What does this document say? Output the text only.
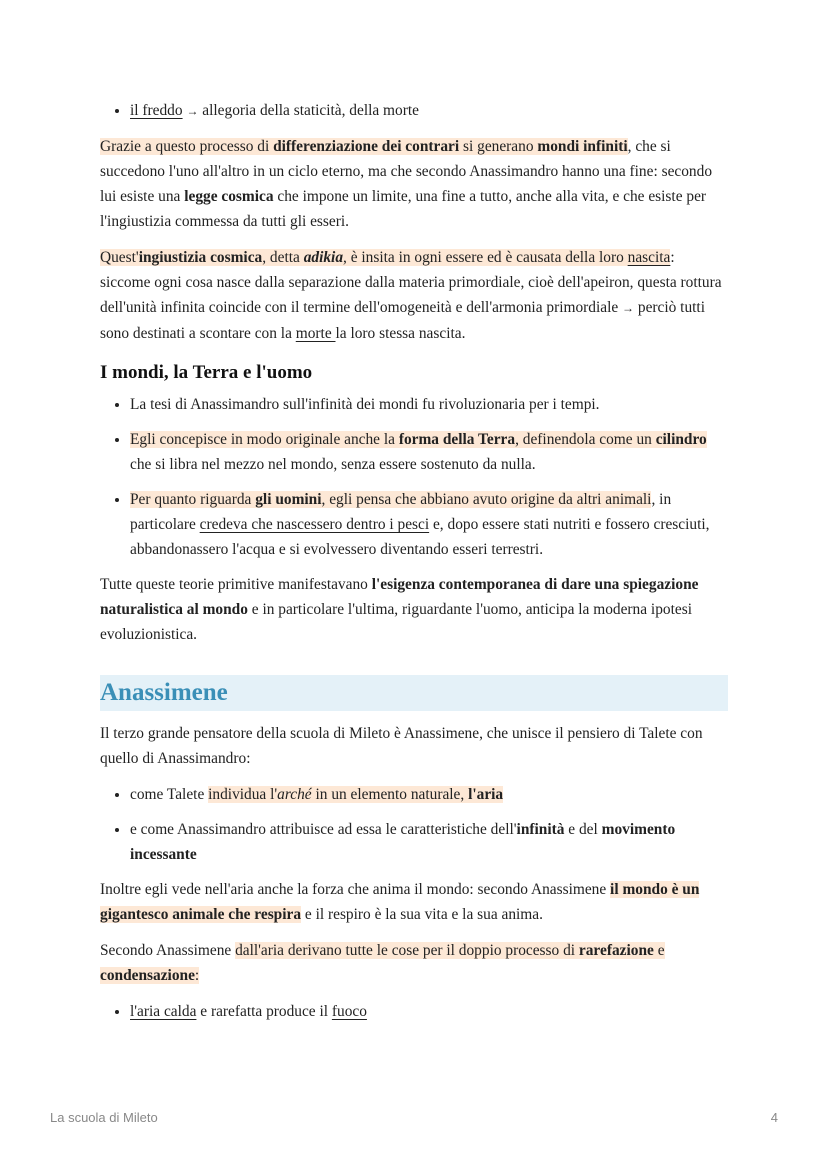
• il freddo → allegoria della staticità, della morte

Grazie a questo processo di differenziazione dei contrari si generano mondi infiniti, che si succedono l'uno all'altro in un ciclo eterno, ma che secondo Anassimandro hanno una fine: secondo lui esiste una legge cosmica che impone un limite, una fine a tutto, anche alla vita, e che esiste per l'ingiustizia commessa da tutti gli esseri.

Quest'ingiustizia cosmica, detta adikia, è insita in ogni essere ed è causata della loro nascita: siccome ogni cosa nasce dalla separazione dalla materia primordiale, cioè dell'apeiron, questa rottura dell'unità infinita coincide con il termine dell'omogeneità e dell'armonia primordiale → perciò tutti sono destinati a scontare con la morte la loro stessa nascita.

I mondi, la Terra e l'uomo
• La tesi di Anassimandro sull'infinità dei mondi fu rivoluzionaria per i tempi.
• Egli concepisce in modo originale anche la forma della Terra, definendola come un cilindro che si libra nel mezzo nel mondo, senza essere sostenuto da nulla.
• Per quanto riguarda gli uomini, egli pensa che abbiano avuto origine da altri animali, in particolare credeva che nascessero dentro i pesci e, dopo essere stati nutriti e fossero cresciuti, abbandonassero l'acqua e si evolvessero diventando esseri terrestri.

Tutte queste teorie primitive manifestavano l'esigenza contemporanea di dare una spiegazione naturalistica al mondo e in particolare l'ultima, riguardante l'uomo, anticipa la moderna ipotesi evoluzionistica.

Anassimene

Il terzo grande pensatore della scuola di Mileto è Anassimene, che unisce il pensiero di Talete con quello di Anassimandro:

• come Talete individua l'arché in un elemento naturale, l'aria
• e come Anassimandro attribuisce ad essa le caratteristiche dell'infinità e del movimento incessante

Inoltre egli vede nell'aria anche la forza che anima il mondo: secondo Anassimene il mondo è un gigantesco animale che respira e il respiro è la sua vita e la sua anima.

Secondo Anassimene dall'aria derivano tutte le cose per il doppio processo di rarefazione e condensazione:

• l'aria calda e rarefatta produce il fuoco
La scuola di Mileto	4
